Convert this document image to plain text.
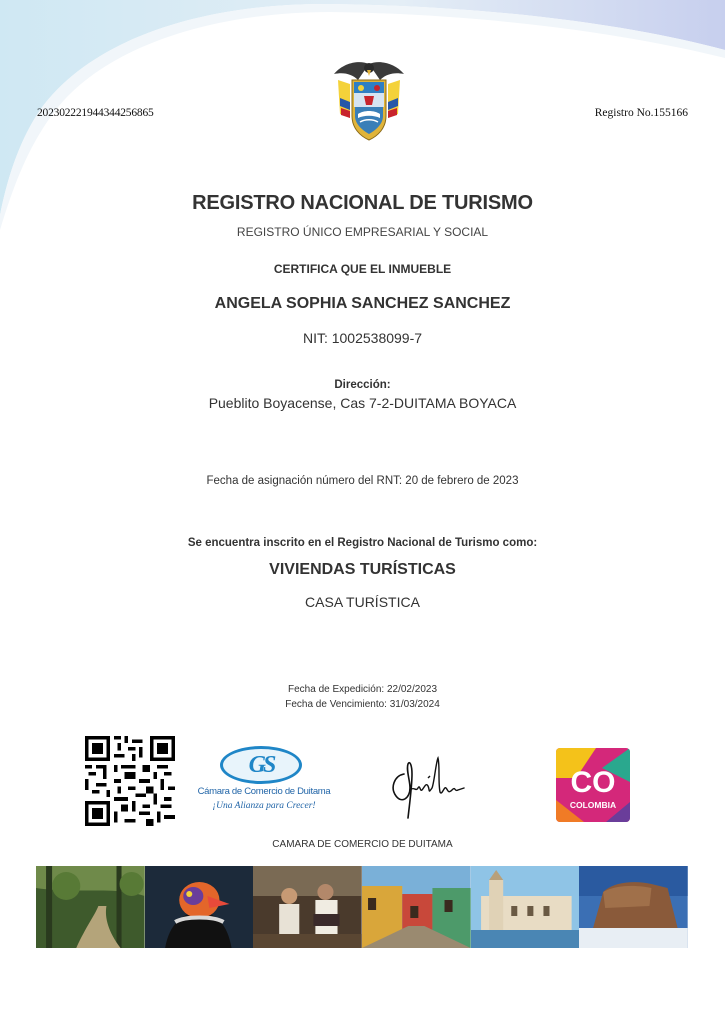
202302221944344256865	Registro No.155166
REGISTRO NACIONAL DE TURISMO
REGISTRO ÚNICO EMPRESARIAL Y SOCIAL
CERTIFICA QUE EL INMUEBLE
ANGELA SOPHIA SANCHEZ SANCHEZ
NIT: 1002538099-7
Dirección:
Pueblito Boyacense, Cas 7-2-DUITAMA BOYACA
Fecha de asignación número del RNT: 20 de febrero de 2023
Se encuentra inscrito en el Registro Nacional de Turismo como:
VIVIENDAS TURÍSTICAS
CASA TURÍSTICA
Fecha de Expedición: 22/02/2023
Fecha de Vencimiento: 31/03/2024
GS
Cámara de Comercio de Duitama
¡Una Alianza para Crecer!
CO
COLOMBIA
CAMARA DE COMERCIO DE DUITAMA
